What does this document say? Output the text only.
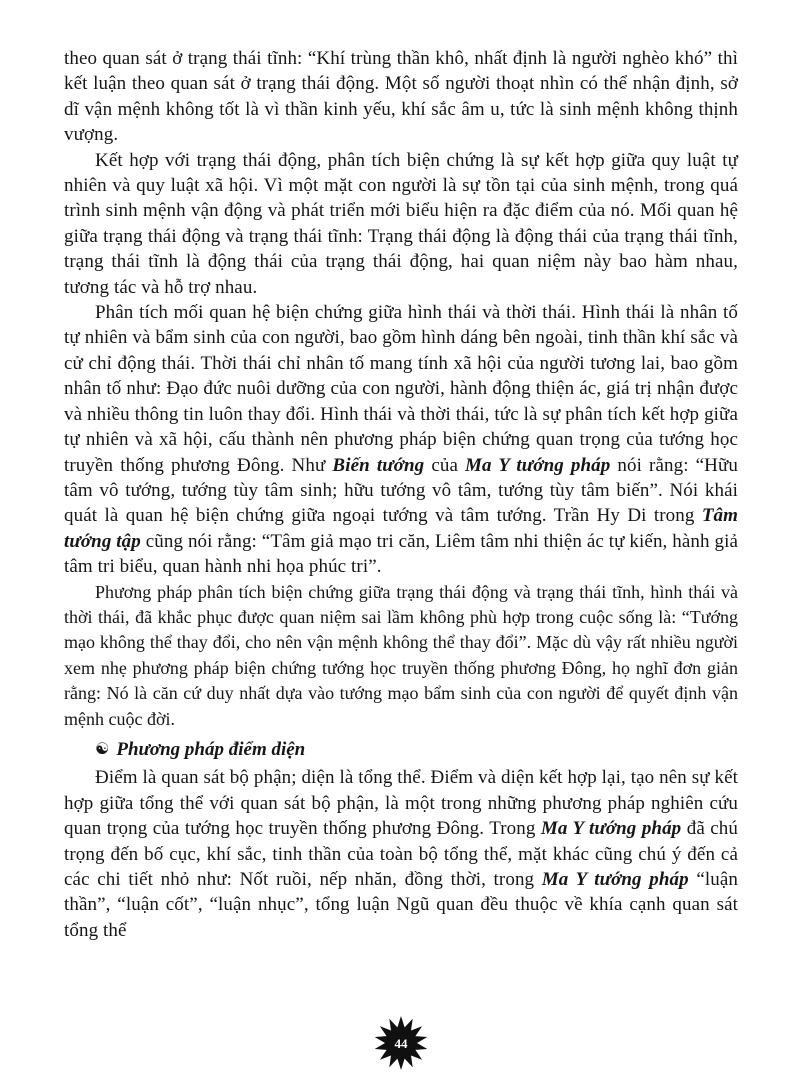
theo quan sát ở trạng thái tĩnh: “Khí trùng thần khô, nhất định là người nghèo khó” thì kết luận theo quan sát ở trạng thái động. Một số người thoạt nhìn có thể nhận định, sở dĩ vận mệnh không tốt là vì thần kinh yếu, khí sắc âm u, tức là sinh mệnh không thịnh vượng.

Kết hợp với trạng thái động, phân tích biện chứng là sự kết hợp giữa quy luật tự nhiên và quy luật xã hội. Vì một mặt con người là sự tồn tại của sinh mệnh, trong quá trình sinh mệnh vận động và phát triển mới biểu hiện ra đặc điểm của nó. Mối quan hệ giữa trạng thái động và trạng thái tĩnh: Trạng thái động là động thái của trạng thái tĩnh, trạng thái tĩnh là động thái của trạng thái động, hai quan niệm này bao hàm nhau, tương tác và hỗ trợ nhau.

Phân tích mối quan hệ biện chứng giữa hình thái và thời thái. Hình thái là nhân tố tự nhiên và bẩm sinh của con người, bao gồm hình dáng bên ngoài, tinh thần khí sắc và cử chỉ động thái. Thời thái chỉ nhân tố mang tính xã hội của người tương lai, bao gồm nhân tố như: Đạo đức nuôi dưỡng của con người, hành động thiện ác, giá trị nhận được và nhiều thông tin luôn thay đổi. Hình thái và thời thái, tức là sự phân tích kết hợp giữa tự nhiên và xã hội, cấu thành nên phương pháp biện chứng quan trọng của tướng học truyền thống phương Đông. Như Biến tướng của Ma Y tướng pháp nói rằng: “Hữu tâm vô tướng, tướng tùy tâm sinh; hữu tướng vô tâm, tướng tùy tâm biến”. Nói khái quát là quan hệ biện chứng giữa ngoại tướng và tâm tướng. Trần Hy Di trong Tâm tướng tập cũng nói rằng: “Tâm giả mạo tri căn, Liêm tâm nhi thiện ác tự kiến, hành giả tâm tri biểu, quan hành nhi họa phúc tri”.

Phương pháp phân tích biện chứng giữa trạng thái động và trạng thái tĩnh, hình thái và thời thái, đã khắc phục được quan niệm sai lầm không phù hợp trong cuộc sống là: “Tướng mạo không thể thay đổi, cho nên vận mệnh không thể thay đổi”. Mặc dù vậy rất nhiều người xem nhẹ phương pháp biện chứng tướng học truyền thống phương Đông, họ nghĩ đơn giản rằng: Nó là căn cứ duy nhất dựa vào tướng mạo bẩm sinh của con người để quyết định vận mệnh cuộc đời.

☯ Phương pháp điểm diện

Điểm là quan sát bộ phận; diện là tổng thể. Điểm và diện kết hợp lại, tạo nên sự kết hợp giữa tổng thể với quan sát bộ phận, là một trong những phương pháp nghiên cứu quan trọng của tướng học truyền thống phương Đông. Trong Ma Y tướng pháp đã chú trọng đến bố cục, khí sắc, tinh thần của toàn bộ tổng thể, mặt khác cũng chú ý đến cả các chi tiết nhỏ như: Nốt ruồi, nếp nhăn, đồng thời, trong Ma Y tướng pháp “luận thần”, “luận cốt”, “luận nhục”, tổng luận Ngũ quan đều thuộc về khía cạnh quan sát tổng thể

44
